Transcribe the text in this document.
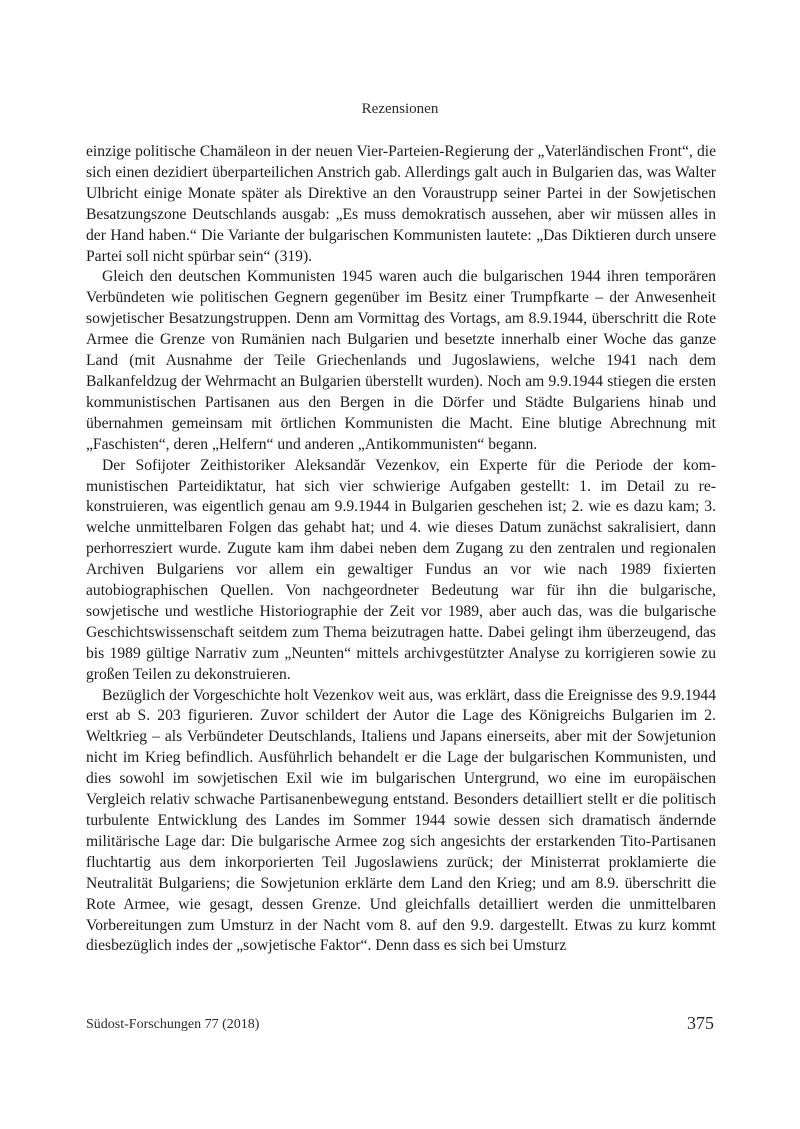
Rezensionen

einzige politische Chamäleon in der neuen Vier-Parteien-Regierung der „Vaterländischen Front“, die sich einen dezidiert überparteilichen Anstrich gab. Allerdings galt auch in Bulgarien das, was Walter Ulbricht einige Monate später als Direktive an den Voraustrupp seiner Partei in der Sowjetischen Besatzungszone Deutschlands ausgab: „Es muss demokratisch aussehen, aber wir müssen alles in der Hand haben.“ Die Variante der bulgarischen Kommunisten lautete: „Das Diktieren durch unsere Partei soll nicht spürbar sein“ (319).

Gleich den deutschen Kommunisten 1945 waren auch die bulgarischen 1944 ihren temporären Verbündeten wie politischen Gegnern gegenüber im Besitz einer Trumpfkarte – der Anwesenheit sowjetischer Besatzungstruppen. Denn am Vormittag des Vortags, am 8.9.1944, überschritt die Rote Armee die Grenze von Rumänien nach Bulgarien und besetzte innerhalb einer Woche das ganze Land (mit Ausnahme der Teile Griechenlands und Jugoslawiens, welche 1941 nach dem Balkanfeldzug der Wehrmacht an Bulgarien überstellt wurden). Noch am 9.9.1944 stiegen die ersten kommunistischen Partisanen aus den Bergen in die Dörfer und Städte Bulgariens hinab und übernahmen gemeinsam mit örtlichen Kommunisten die Macht. Eine blutige Abrechnung mit „Faschisten“, deren „Helfern“ und anderen „Antikommunisten“ begann.

Der Sofijoter Zeithistoriker Aleksandăr Vezenkov, ein Experte für die Periode der kommunistischen Parteidiktatur, hat sich vier schwierige Aufgaben gestellt: 1. im Detail zu rekonstruieren, was eigentlich genau am 9.9.1944 in Bulgarien geschehen ist; 2. wie es dazu kam; 3. welche unmittelbaren Folgen das gehabt hat; und 4. wie dieses Datum zunächst sakralisiert, dann perhorresziert wurde. Zugute kam ihm dabei neben dem Zugang zu den zentralen und regionalen Archiven Bulgariens vor allem ein gewaltiger Fundus an vor wie nach 1989 fixierten autobiographischen Quellen. Von nachgeordneter Bedeutung war für ihn die bulgarische, sowjetische und westliche Historiographie der Zeit vor 1989, aber auch das, was die bulgarische Geschichtswissenschaft seitdem zum Thema beizutragen hatte. Dabei gelingt ihm überzeugend, das bis 1989 gültige Narrativ zum „Neunten“ mittels archivgestützter Analyse zu korrigieren sowie zu großen Teilen zu dekonstruieren.

Bezüglich der Vorgeschichte holt Vezenkov weit aus, was erklärt, dass die Ereignisse des 9.9.1944 erst ab S. 203 figurieren. Zuvor schildert der Autor die Lage des Königreichs Bulgarien im 2. Weltkrieg – als Verbündeter Deutschlands, Italiens und Japans einerseits, aber mit der Sowjetunion nicht im Krieg befindlich. Ausführlich behandelt er die Lage der bulgarischen Kommunisten, und dies sowohl im sowjetischen Exil wie im bulgarischen Untergrund, wo eine im europäischen Vergleich relativ schwache Partisanenbewegung entstand. Besonders detailliert stellt er die politisch turbulente Entwicklung des Landes im Sommer 1944 sowie dessen sich dramatisch ändernde militärische Lage dar: Die bulgarische Armee zog sich angesichts der erstarkenden Tito-Partisanen fluchtartig aus dem inkorporierten Teil Jugoslawiens zurück; der Ministerrat proklamierte die Neutralität Bulgariens; die Sowjetunion erklärte dem Land den Krieg; und am 8.9. überschritt die Rote Armee, wie gesagt, dessen Grenze. Und gleichfalls detailliert werden die unmittelbaren Vorbereitungen zum Umsturz in der Nacht vom 8. auf den 9.9. dargestellt. Etwas zu kurz kommt diesbezüglich indes der „sowjetische Faktor“. Denn dass es sich bei Umsturz

Südost-Forschungen 77 (2018)	375
